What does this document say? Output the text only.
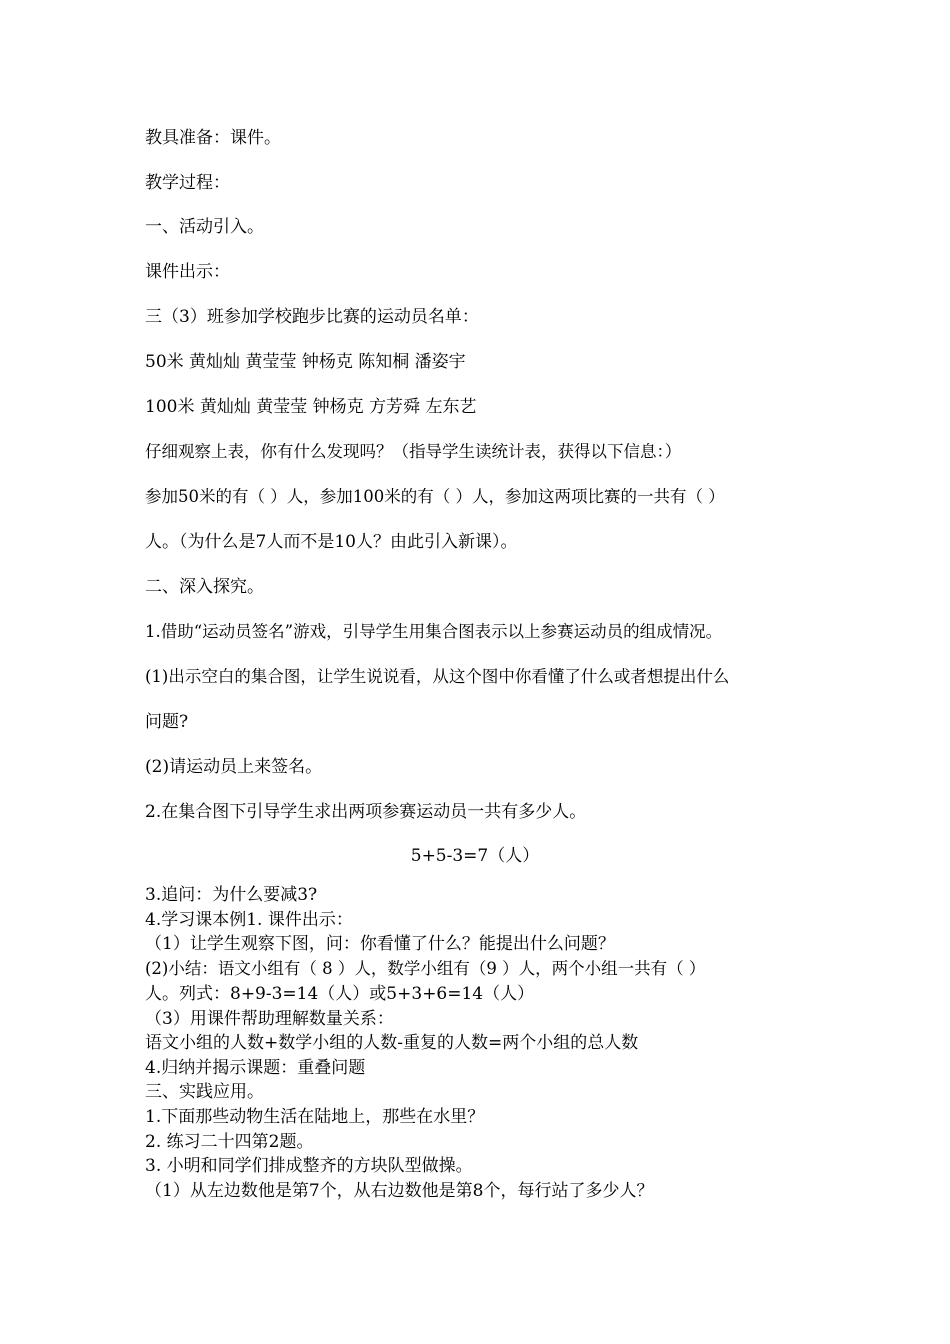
教具准备：课件。
教学过程：
一、活动引入。
课件出示：
三（3）班参加学校跑步比赛的运动员名单：
50米 黄灿灿 黄莹莹 钟杨克 陈知桐 潘姿宇
100米 黄灿灿 黄莹莹 钟杨克 方芳舜 左东艺
仔细观察上表，你有什么发现吗？（指导学生读统计表，获得以下信息：）
参加50米的有（ ）人，参加100米的有（ ）人，参加这两项比赛的一共有（ ）
人。（为什么是7人而不是10人？由此引入新课）。
二、深入探究。
1.借助“运动员签名”游戏，引导学生用集合图表示以上参赛运动员的组成情况。
(1)出示空白的集合图，让学生说说看，从这个图中你看懂了什么或者想提出什么
问题?
(2)请运动员上来签名。
2.在集合图下引导学生求出两项参赛运动员一共有多少人。
5+5-3=7（人）
3.追问：为什么要减3?
4.学习课本例1. 课件出示：
（1）让学生观察下图，问：你看懂了什么？能提出什么问题？
(2)小结：语文小组有（ 8 ）人，数学小组有（9 ）人，两个小组一共有（ ）
人。列式：8+9-3=14（人）或5+3+6=14（人）
（3）用课件帮助理解数量关系：
语文小组的人数+数学小组的人数-重复的人数=两个小组的总人数
4.归纳并揭示课题：重叠问题
三、实践应用。
1.下面那些动物生活在陆地上，那些在水里？
2. 练习二十四第2题。
3. 小明和同学们排成整齐的方块队型做操。
（1）从左边数他是第7个，从右边数他是第8个，每行站了多少人？
